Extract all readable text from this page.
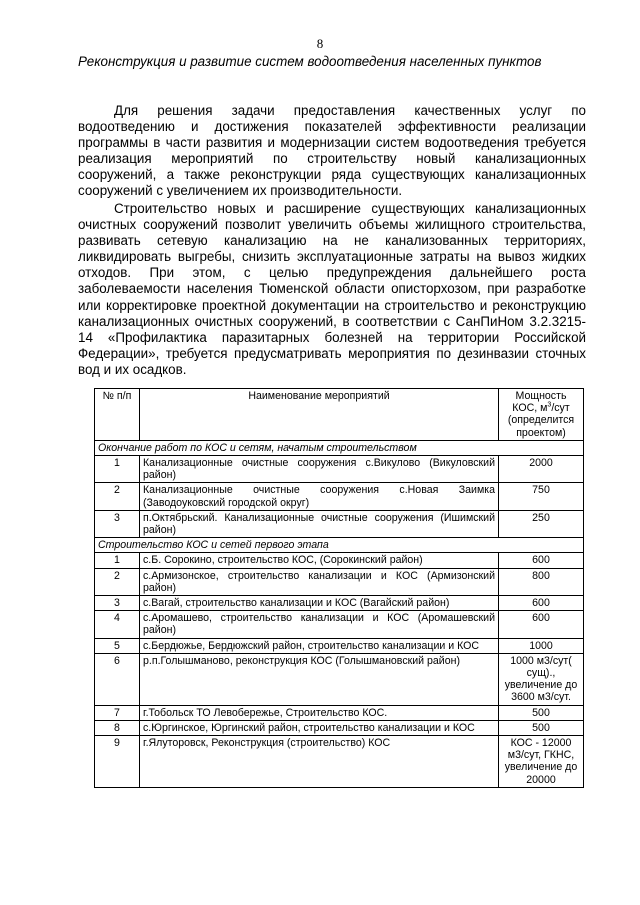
8
Реконструкция и развитие систем водоотведения населенных пунктов

Для решения задачи предоставления качественных услуг по водоотведению и достижения показателей эффективности реализации программы в части развития и модернизации систем водоотведения требуется реализация мероприятий по строительству новый канализационных сооружений, а также реконструкции ряда существующих канализационных сооружений с увеличением их производительности.

Строительство новых и расширение существующих канализационных очистных сооружений позволит увеличить объемы жилищного строительства, развивать сетевую канализацию на не канализованных территориях, ликвидировать выгребы, снизить эксплуатационные затраты на вывоз жидких отходов. При этом, с целью предупреждения дальнейшего роста заболеваемости населения Тюменской области описторхозом, при разработке или корректировке проектной документации на строительство и реконструкцию канализационных очистных сооружений, в соответствии с СанПиНом 3.2.3215-14 «Профилактика паразитарных болезней на территории Российской Федерации», требуется предусматривать мероприятия по дезинвазии сточных вод и их осадков.

№ п/п	Наименование мероприятий	Мощность КОС, $м^3$/сут (определится проектом)
Окончание работ по КОС и сетям, начатым строительством		
1	Канализационные очистные сооружения с.Викулово (Викуловский район)	2000
2	Канализационные очистные сооружения с.Новая Заимка (Заводоуковский городской округ)	750
3	п.Октябрьский. Канализационные очистные сооружения (Ишимский район)	250
Строительство КОС и сетей первого этапа		
1	с.Б. Сорокино, строительство КОС, (Сорокинский район)	600
2	с.Армизонское, строительство канализации и КОС (Армизонский район)	800
3	с.Вагай, строительство канализации и КОС (Вагайский район)	600
4	с.Аромашево, строительство канализации и КОС (Аромашевский район)	600
5	с.Бердюжье, Бердюжский район, строительство канализации и КОС	1000
6	р.п.Голышманово, реконструкция КОС (Голышмановский район)	1000 м3/сут( сущ)., увеличение до 3600 м3/сут.
7	г.Тобольск ТО Левобережье, Строительство КОС.	500
8	с.Юргинское, Юргинский район, строительство канализации и КОС	500
9	г.Ялуторовск, Реконструкция (строительство) КОС	КОС - 12000 м3/сут, ГКНС, увеличение до 20000
